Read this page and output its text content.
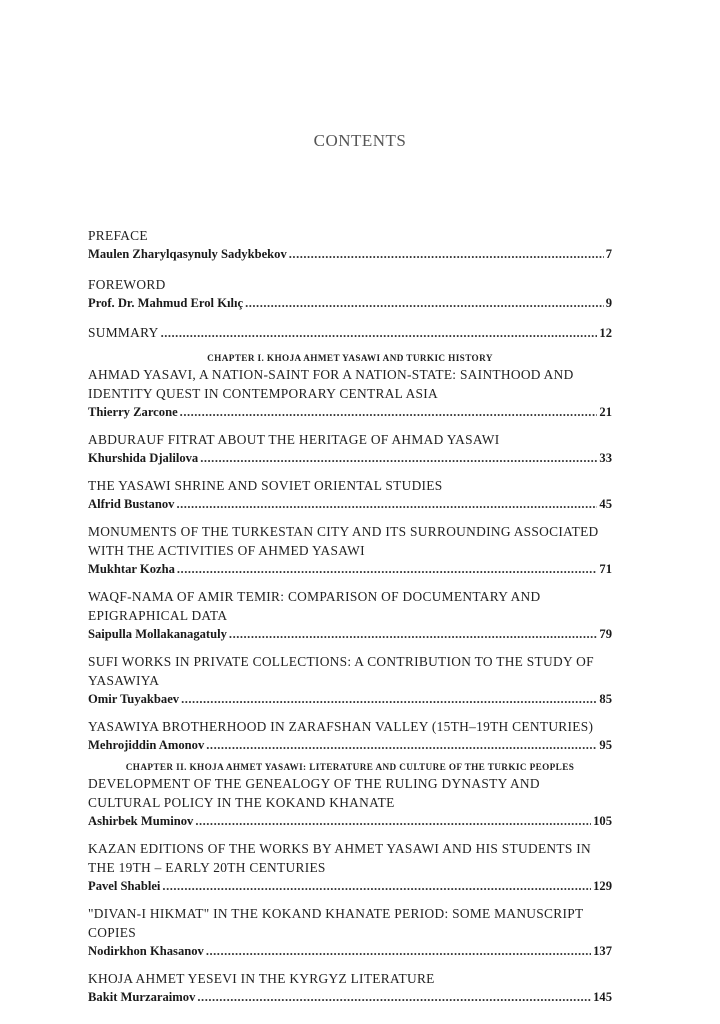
CONTENTS
PREFACE
Maulen Zharylqasynuly Sadykbekov .....	7
FOREWORD
Prof. Dr. Mahmud Erol Kılıç .....	9
SUMMARY .....	12
CHAPTER I. KHOJA AHMET YASAWI AND TURKIC HISTORY
AHMAD YASAVI, A NATION-SAINT FOR A NATION-STATE: SAINTHOOD AND IDENTITY QUEST IN CONTEMPORARY CENTRAL ASIA
Thierry Zarcone .....	21
ABDURAUF FITRAT ABOUT THE HERITAGE OF AHMAD YASAWI
Khurshida Djalilova .....	33
THE YASAWI SHRINE AND SOVIET ORIENTAL STUDIES
Alfrid Bustanov .....	45
MONUMENTS OF THE TURKESTAN CITY AND ITS SURROUNDING ASSOCIATED WITH THE ACTIVITIES OF AHMED YASAWI
Mukhtar Kozha .....	71
WAQF-NAMA OF AMIR TEMIR: COMPARISON OF DOCUMENTARY AND EPIGRAPHICAL DATA
Saipulla Mollakanagatuly .....	79
SUFI WORKS IN PRIVATE COLLECTIONS: A CONTRIBUTION TO THE STUDY OF YASAWIYA
Omir Tuyakbaev .....	85
YASAWIYA BROTHERHOOD IN ZARAFSHAN VALLEY (15TH–19TH CENTURIES)
Mehrojiddin Amonov .....	95
CHAPTER II. KHOJA AHMET YASAWI: LITERATURE AND CULTURE OF THE TURKIC PEOPLES
DEVELOPMENT OF THE GENEALOGY OF THE RULING DYNASTY AND CULTURAL POLICY IN THE KOKAND KHANATE
Ashirbek Muminov .....	105
KAZAN EDITIONS OF THE WORKS BY AHMET YASAWI AND HIS STUDENTS IN THE 19TH – EARLY 20TH CENTURIES
Pavel Shablei .....	129
"DIVAN-I HIKMAT" IN THE KOKAND KHANATE PERIOD: SOME MANUSCRIPT COPIES
Nodirkhon Khasanov .....	137
KHOJA AHMET YESEVI IN THE KYRGYZ LITERATURE
Bakit Murzaraimov .....	145
